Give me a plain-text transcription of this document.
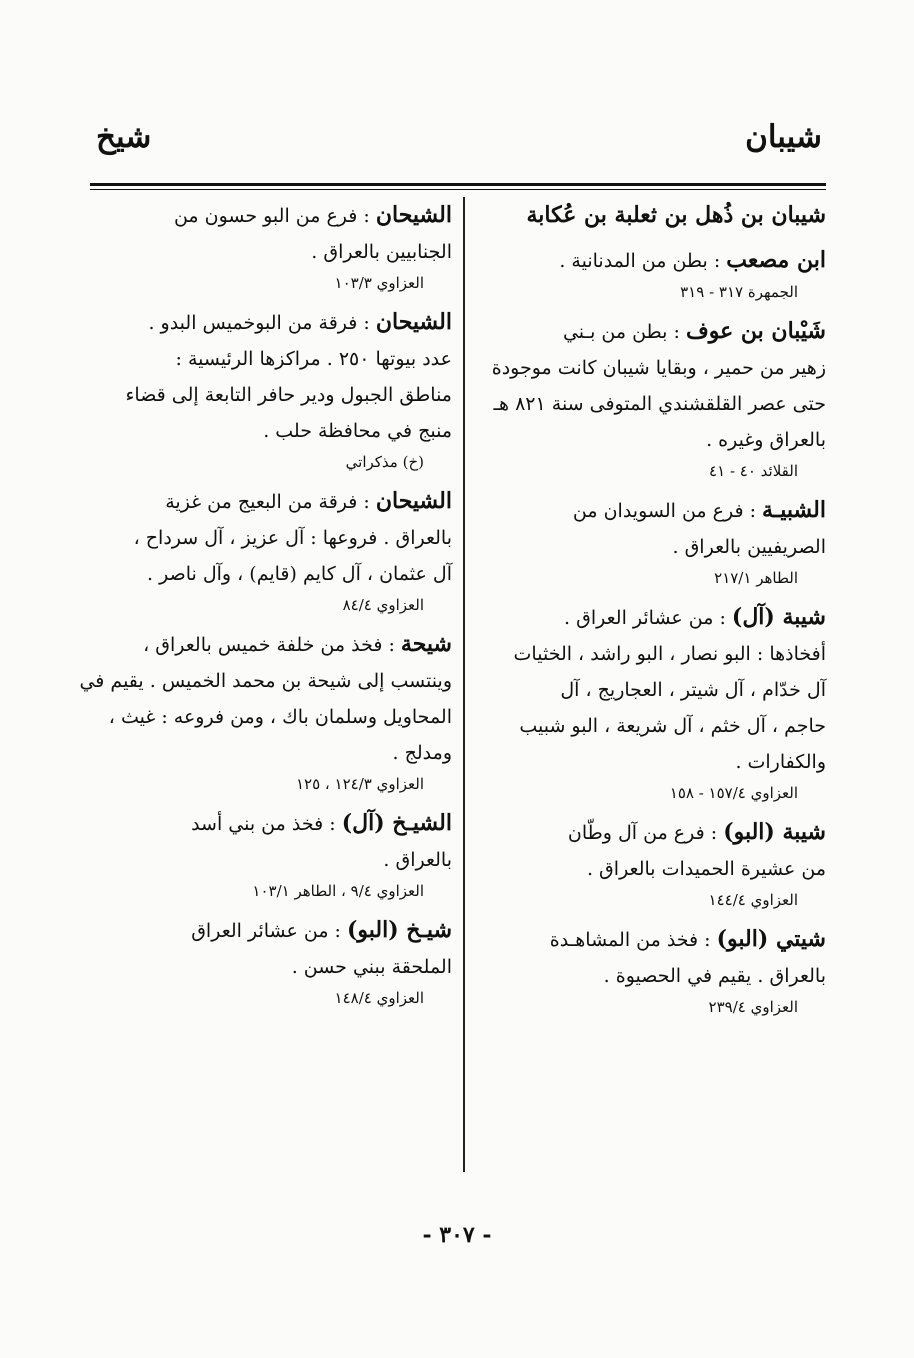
شيبان
شيخ
شيبان بن ذُهل بن ثعلبة بن عُكابة
ابن مصعب : بطن من المدنانية .
الجمهرة ٣١٧ - ٣١٩
شَيْبان بن عوف : بطن من بـني
زهير من حمير ، وبقايا شيبان كانت موجودة
حتى عصر القلقشندي المتوفى سنة ٨٢١ هـ
بالعراق وغيره .
القلائد ٤٠ - ٤١
الشبيـة : فرع من السويدان من
الصريفيين بالعراق .
الطاهر ٢١٧/١
شيبة (آل) : من عشائر العراق .
أفخاذها : البو نصار ، البو راشد ، الخثيات
آل خدّام ، آل شيتر ، العجاريج ، آل
حاجم ، آل خثم ، آل شريعة ، البو شبيب
والكفارات .
العزاوي ١٥٧/٤ - ١٥٨
شيبة (البو) : فرع من آل وطّان
من عشيرة الحميدات بالعراق .
العزاوي ١٤٤/٤
شيتي (البو) : فخذ من المشاهـدة
بالعراق . يقيم في الحصيوة .
العزاوي ٢٣٩/٤
الشيحان : فرع من البو حسون من
الجنابيين بالعراق .
العزاوي ١٠٣/٣
الشيحان : فرقة من البوخميس البدو .
عدد بيوتها ٢٥٠ . مراكزها الرئيسية :
مناطق الجبول ودير حافر التابعة إلى قضاء
منبج في محافظة حلب .
(خ) مذكراتي
الشيحان : فرقة من البعيج من غزية
بالعراق . فروعها : آل عزيز ، آل سرداح ،
آل عثمان ، آل كايم (قايم) ، وآل ناصر .
العزاوي ٨٤/٤
شيحة : فخذ من خلفة خميس بالعراق ،
وينتسب إلى شيحة بن محمد الخميس . يقيم في
المحاويل وسلمان باك ، ومن فروعه : غيث ،
ومدلج .
العزاوي ١٢٤/٣ ، ١٢٥
الشيـخ (آل) : فخذ من بني أسد
بالعراق .
العزاوي ٩/٤ ، الطاهر ١٠٣/١
شيـخ (البو) : من عشائر العراق
الملحقة ببني حسن .
العزاوي ١٤٨/٤
- ٣٠٧ -
